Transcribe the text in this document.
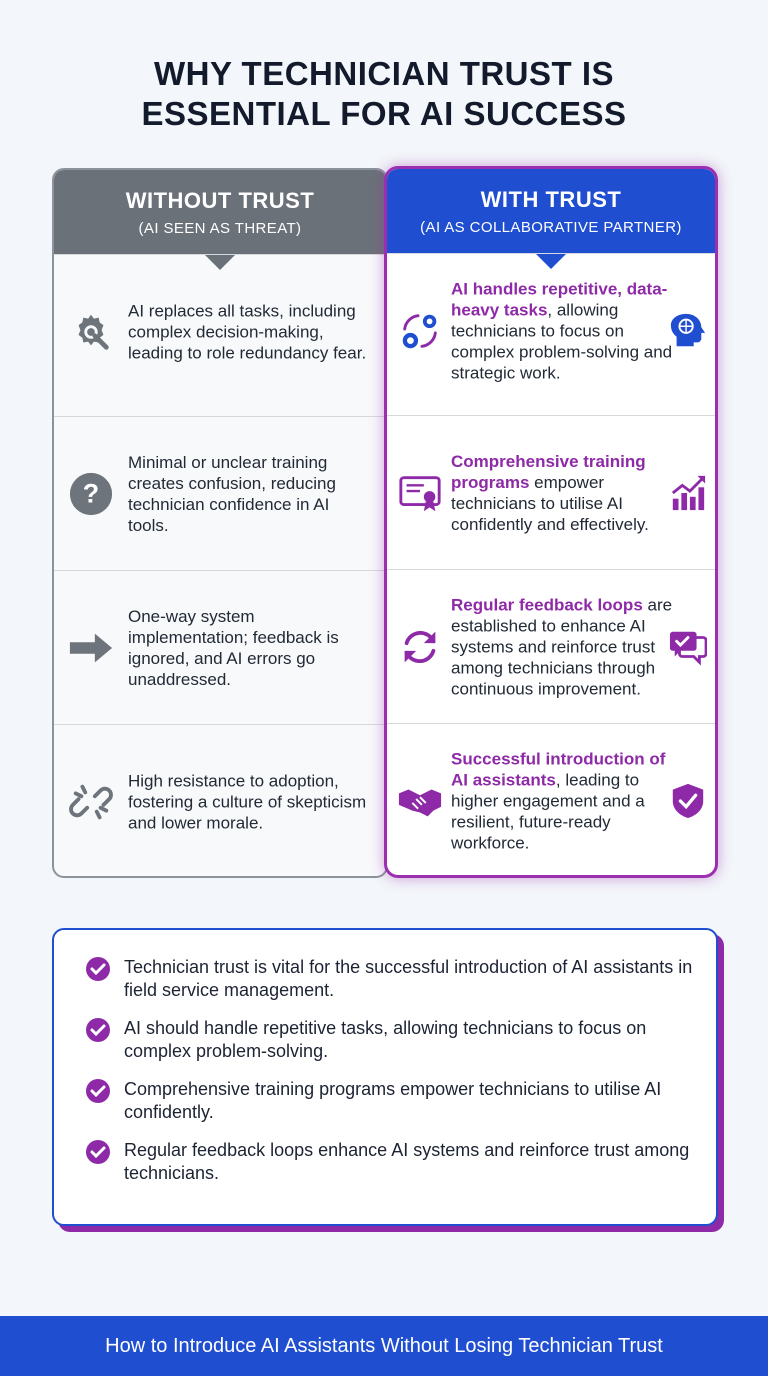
WHY TECHNICIAN TRUST IS
ESSENTIAL FOR AI SUCCESS
WITHOUT TRUST
(AI SEEN AS THREAT)
AI replaces all tasks, including complex decision-making, leading to role redundancy fear.
?
Minimal or unclear training creates confusion, reducing technician confidence in AI tools.
One-way system implementation; feedback is ignored, and AI errors go unaddressed.
High resistance to adoption, fostering a culture of skepticism and lower morale.
WITH TRUST
(AI AS COLLABORATIVE PARTNER)
AI handles repetitive, data-heavy tasks, allowing technicians to focus on complex problem-solving and strategic work.
Comprehensive training programs empower technicians to utilise AI confidently and effectively.
Regular feedback loops are established to enhance AI systems and reinforce trust among technicians through continuous improvement.
Successful introduction of AI assistants, leading to higher engagement and a resilient, future-ready workforce.
Technician trust is vital for the successful introduction of AI assistants in field service management.
AI should handle repetitive tasks, allowing technicians to focus on complex problem-solving.
Comprehensive training programs empower technicians to utilise AI confidently.
Regular feedback loops enhance AI systems and reinforce trust among technicians.
How to Introduce AI Assistants Without Losing Technician Trust
